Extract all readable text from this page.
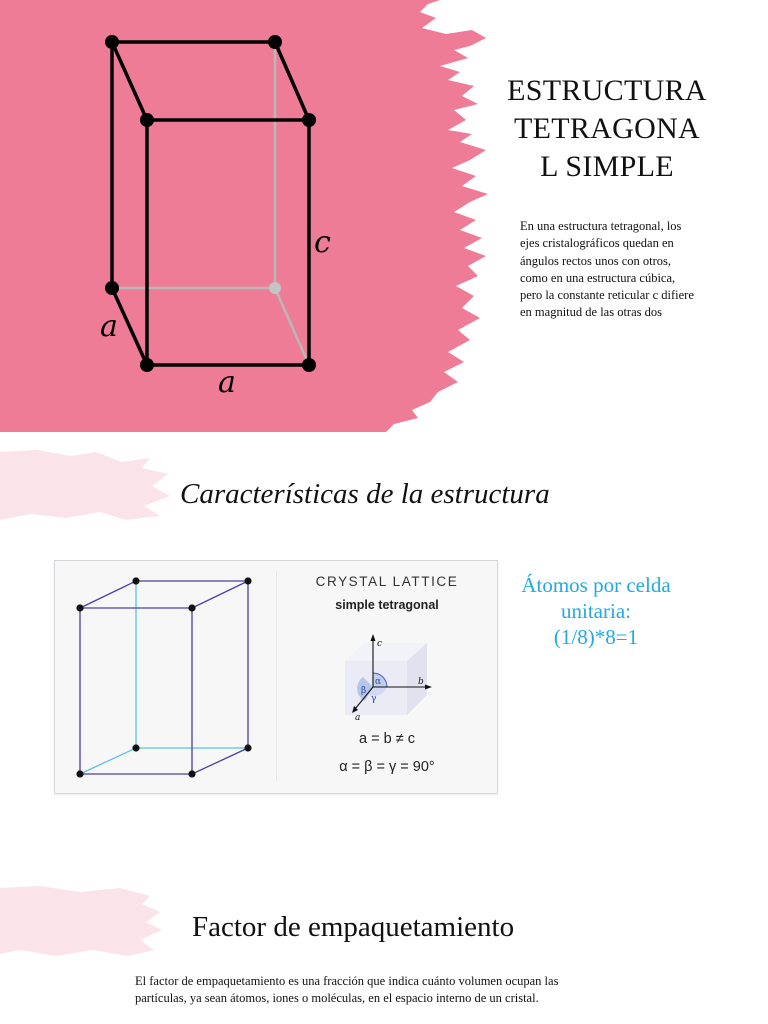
c
a
a
ESTRUCTURA
TETRAGONA
L SIMPLE
En una estructura tetragonal, los ejes cristalográficos quedan en ángulos rectos unos con otros, como en una estructura cúbica, pero la constante reticular c difiere en magnitud de las otras dos
Características de la estructura
CRYSTAL LATTICE
simple tetragonal
c
b
a
α
β
γ
a = b ≠ c
α = β = γ = 90°
Átomos por celda
unitaria:
(1/8)*8=1
Factor de empaquetamiento
El factor de empaquetamiento es una fracción que indica cuánto volumen ocupan las partículas, ya sean átomos, iones o moléculas, en el espacio interno de un cristal.
